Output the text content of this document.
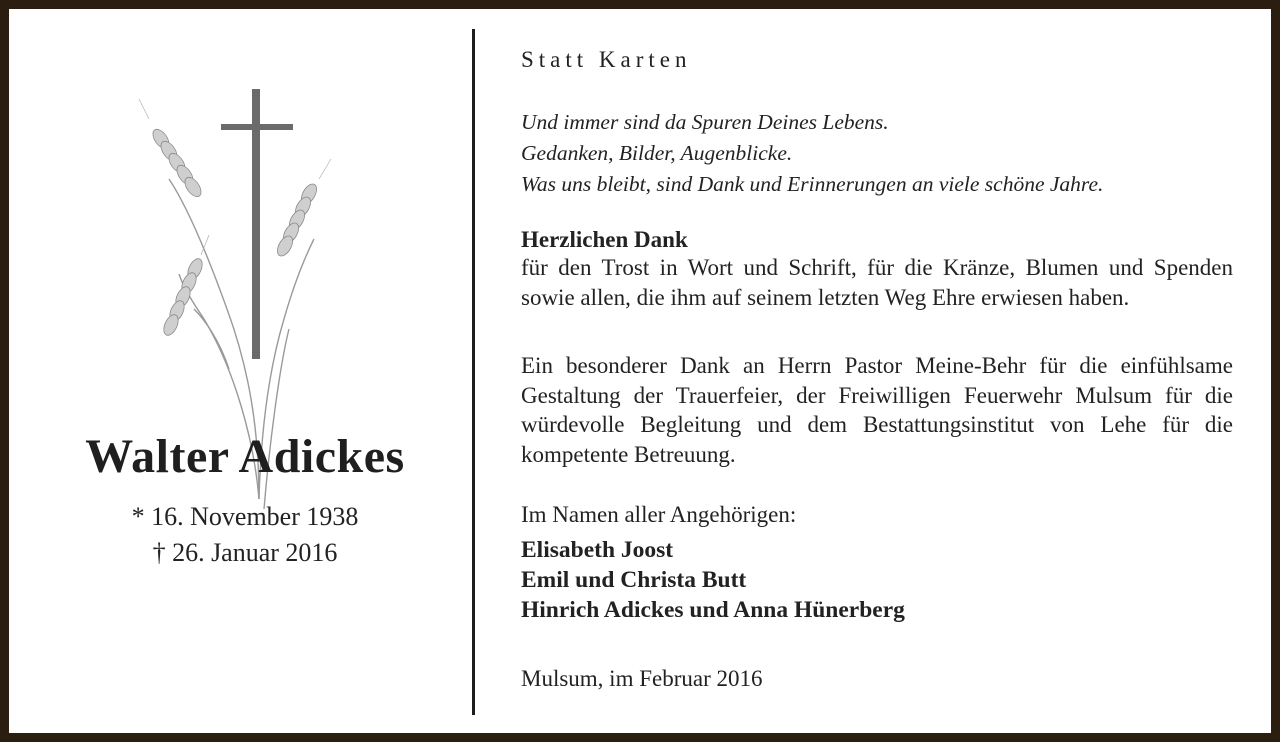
Walter Adickes
* 16. November 1938
† 26. Januar 2016
Statt Karten
Und immer sind da Spuren Deines Lebens.
Gedanken, Bilder, Augenblicke.
Was uns bleibt, sind Dank und Erinnerungen an viele schöne Jahre.
Herzlichen Dank
für den Trost in Wort und Schrift, für die Kränze, Blumen und Spenden sowie allen, die ihm auf seinem letzten Weg Ehre erwiesen haben.
Ein besonderer Dank an Herrn Pastor Meine-Behr für die einfühlsame Gestaltung der Trauerfeier, der Freiwilligen Feuerwehr Mulsum für die würdevolle Begleitung und dem Bestattungsinstitut von Lehe für die kompetente Betreuung.
Im Namen aller Angehörigen:
Elisabeth Joost
Emil und Christa Butt
Hinrich Adickes und Anna Hünerberg
Mulsum, im Februar 2016
